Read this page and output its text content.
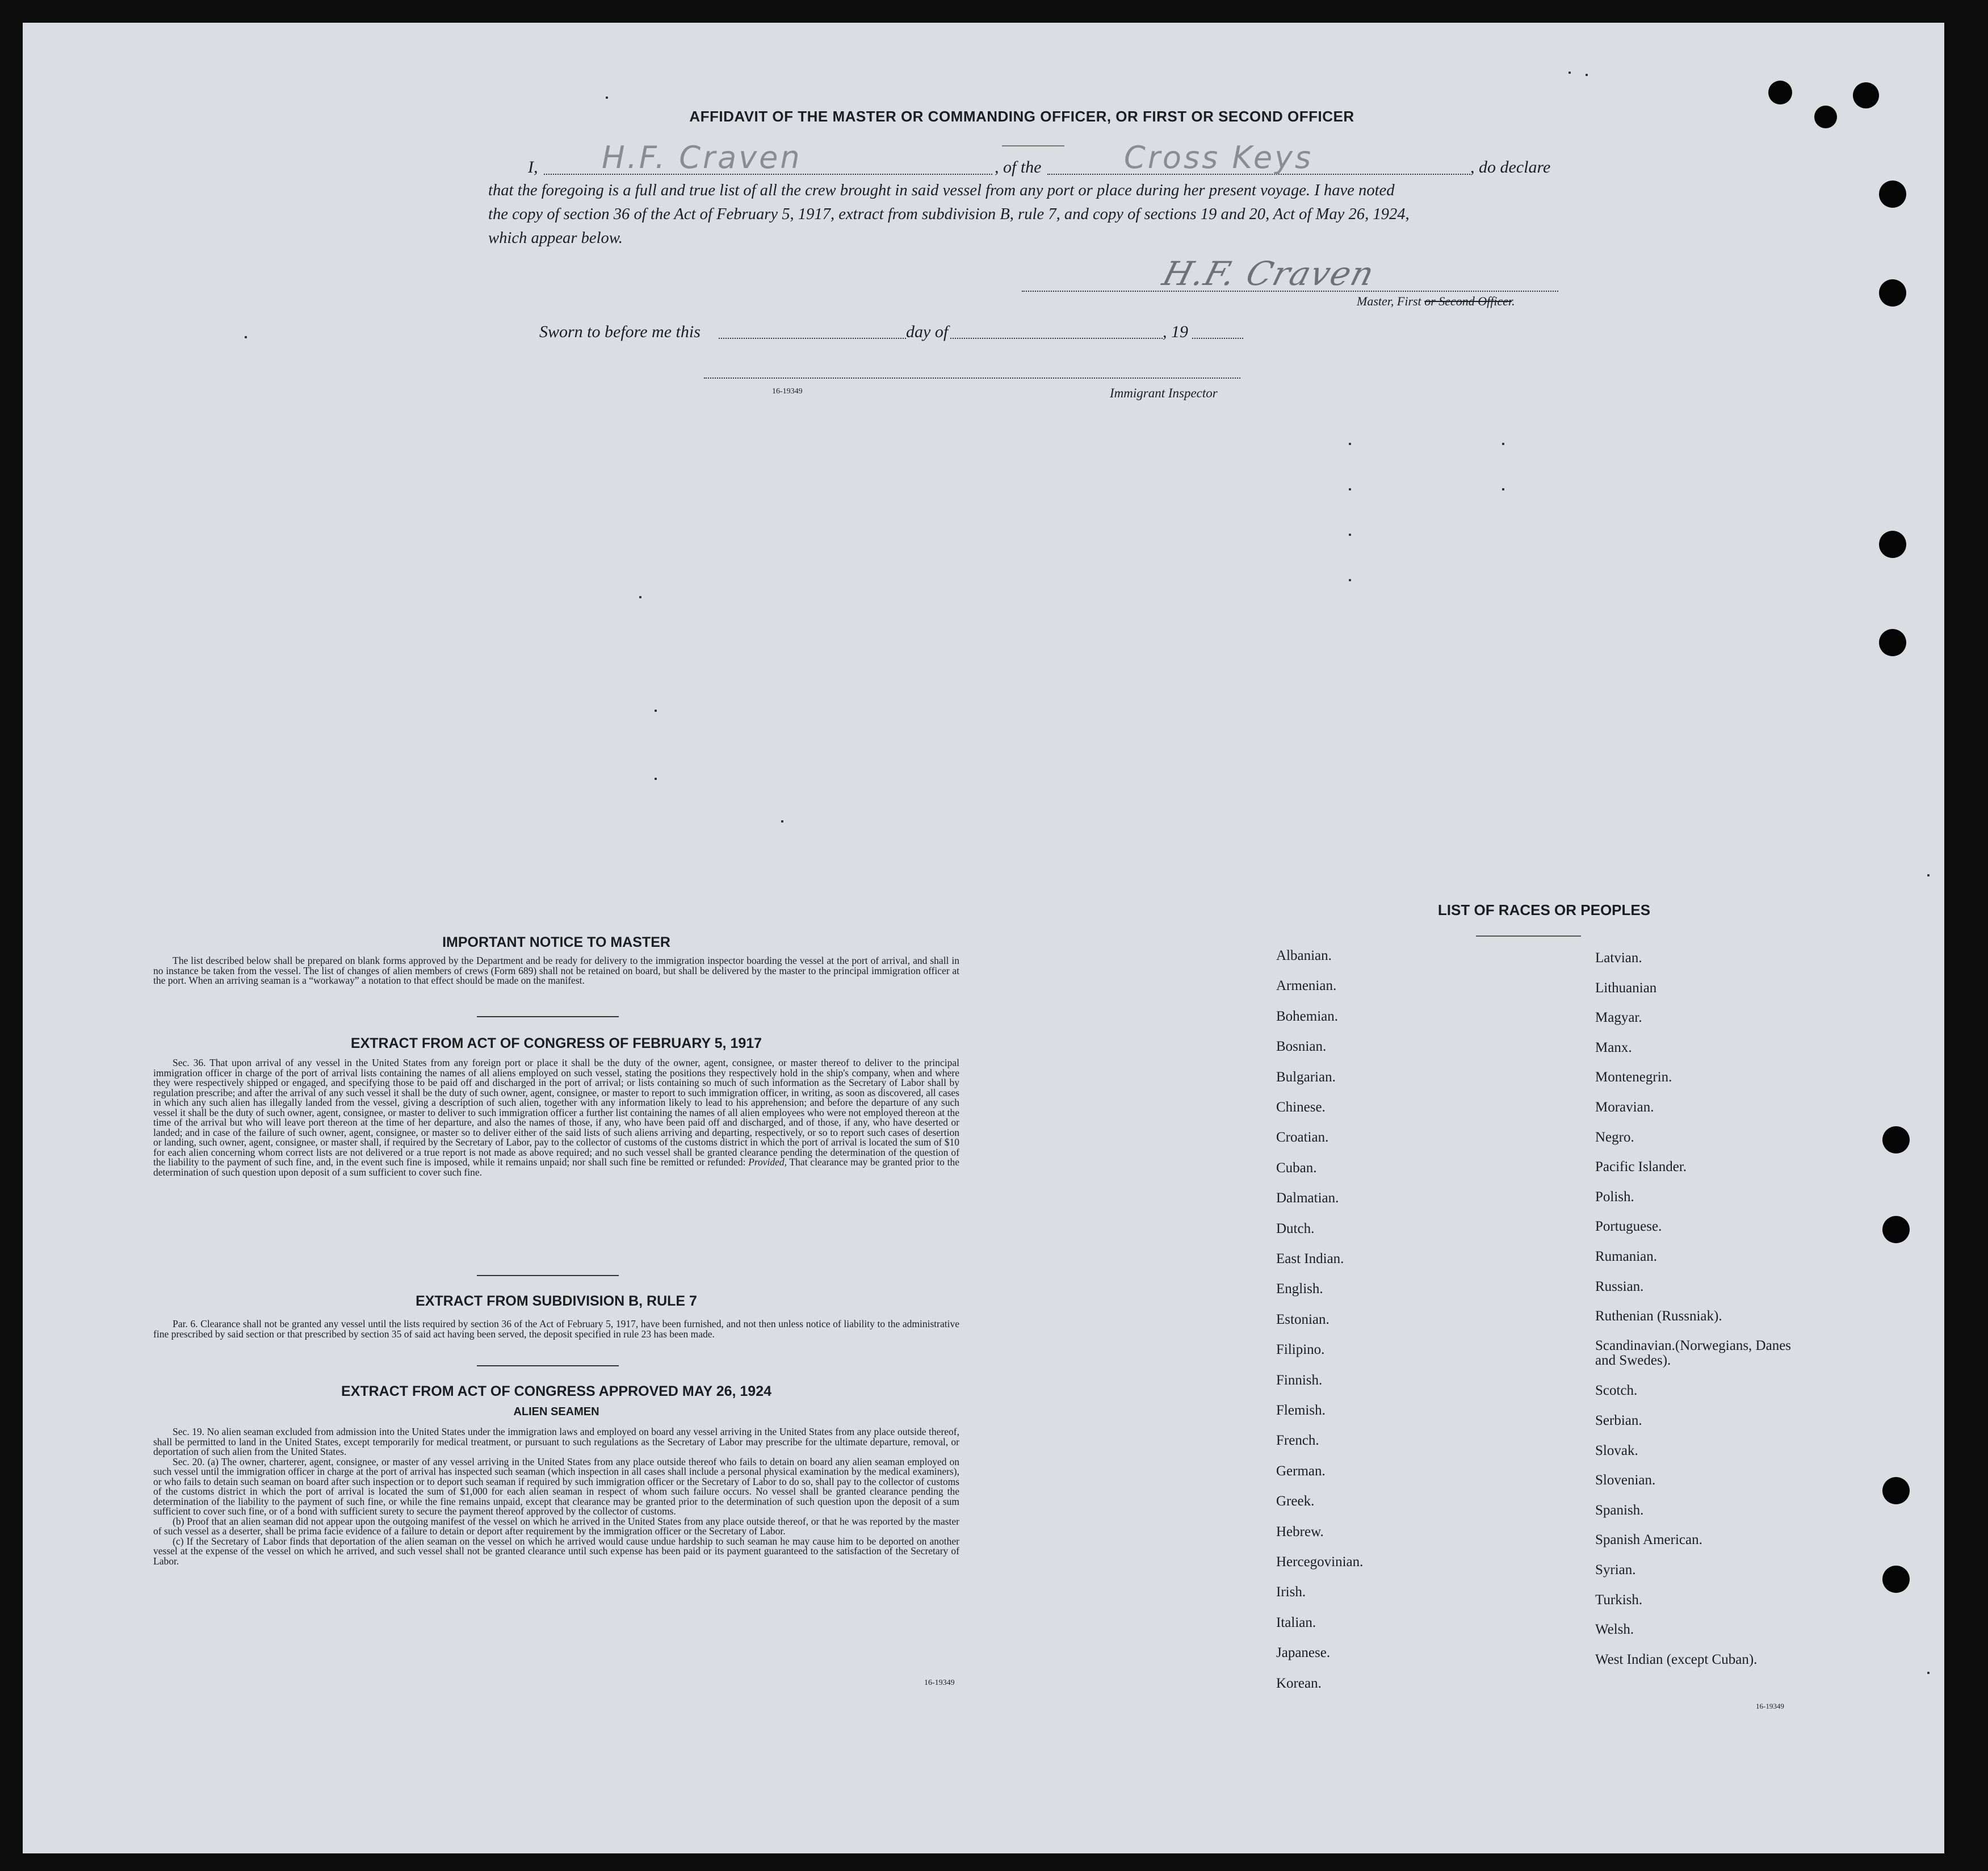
AFFIDAVIT OF THE MASTER OR COMMANDING OFFICER, OR FIRST OR SECOND OFFICER
I, H.F. Craven	, of the	Cross Keys	, do declare
that the foregoing is a full and true list of all the crew brought in said vessel from any port or place during her present voyage. I have noted
the copy of section 36 of the Act of February 5, 1917, extract from subdivision B, rule 7, and copy of sections 19 and 20, Act of May 26, 1924,
which appear below.
H.F. Craven
Master, First or Second Officer.
Sworn to before me this	day of	, 19
16-19349	Immigrant Inspector
IMPORTANT NOTICE TO MASTER

The list described below shall be prepared on blank forms approved by the Department and be ready for delivery to the immigration inspector boarding the vessel at the port of arrival, and shall in no instance be taken from the vessel. The list of changes of alien members of crews (Form 689) shall not be retained on board, but shall be delivered by the master to the principal immigration officer at the port. When an arriving seaman is a “workaway” a notation to that effect should be made on the manifest.

EXTRACT FROM ACT OF CONGRESS OF FEBRUARY 5, 1917

Sec. 36. That upon arrival of any vessel in the United States from any foreign port or place it shall be the duty of the owner, agent, consignee, or master thereof to deliver to the principal immigration officer in charge of the port of arrival lists containing the names of all aliens employed on such vessel, stating the positions they respectively hold in the ship's company, when and where they were respectively shipped or engaged, and specifying those to be paid off and discharged in the port of arrival; or lists containing so much of such information as the Secretary of Labor shall by regulation prescribe; and after the arrival of any such vessel it shall be the duty of such owner, agent, consignee, or master to report to such immigration officer, in writing, as soon as discovered, all cases in which any such alien has illegally landed from the vessel, giving a description of such alien, together with any information likely to lead to his apprehension; and before the departure of any such vessel it shall be the duty of such owner, agent, consignee, or master to deliver to such immigration officer a further list containing the names of all alien employees who were not employed thereon at the time of the arrival but who will leave port thereon at the time of her departure, and also the names of those, if any, who have been paid off and discharged, and of those, if any, who have deserted or landed; and in case of the failure of such owner, agent, consignee, or master so to deliver either of the said lists of such aliens arriving and departing, respectively, or so to report such cases of desertion or landing, such owner, agent, consignee, or master shall, if required by the Secretary of Labor, pay to the collector of customs of the customs district in which the port of arrival is located the sum of $10 for each alien concerning whom correct lists are not delivered or a true report is not made as above required; and no such vessel shall be granted clearance pending the determination of the question of the liability to the payment of such fine, and, in the event such fine is imposed, while it remains unpaid; nor shall such fine be remitted or refunded: Provided, That clearance may be granted prior to the determination of such question upon deposit of a sum sufficient to cover such fine.

EXTRACT FROM SUBDIVISION B, RULE 7

Par. 6. Clearance shall not be granted any vessel until the lists required by section 36 of the Act of February 5, 1917, have been furnished, and not then unless notice of liability to the administrative fine prescribed by said section or that prescribed by section 35 of said act having been served, the deposit specified in rule 23 has been made.

EXTRACT FROM ACT OF CONGRESS APPROVED MAY 26, 1924
ALIEN SEAMEN

Sec. 19. No alien seaman excluded from admission into the United States under the immigration laws and employed on board any vessel arriving in the United States from any place outside thereof, shall be permitted to land in the United States, except temporarily for medical treatment, or pursuant to such regulations as the Secretary of Labor may prescribe for the ultimate departure, removal, or deportation of such alien from the United States.

Sec. 20. (a) The owner, charterer, agent, consignee, or master of any vessel arriving in the United States from any place outside thereof who fails to detain on board any alien seaman employed on such vessel until the immigration officer in charge at the port of arrival has inspected such seaman (which inspection in all cases shall include a personal physical examination by the medical examiners), or who fails to detain such seaman on board after such inspection or to deport such seaman if required by such immigration officer or the Secretary of Labor to do so, shall pay to the collector of customs of the customs district in which the port of arrival is located the sum of $1,000 for each alien seaman in respect of whom such failure occurs. No vessel shall be granted clearance pending the determination of the liability to the payment of such fine, or while the fine remains unpaid, except that clearance may be granted prior to the determination of such question upon the deposit of a sum sufficient to cover such fine, or of a bond with sufficient surety to secure the payment thereof approved by the collector of customs.

(b) Proof that an alien seaman did not appear upon the outgoing manifest of the vessel on which he arrived in the United States from any place outside thereof, or that he was reported by the master of such vessel as a deserter, shall be prima facie evidence of a failure to detain or deport after requirement by the immigration officer or the Secretary of Labor.

(c) If the Secretary of Labor finds that deportation of the alien seaman on the vessel on which he arrived would cause undue hardship to such seaman he may cause him to be deported on another vessel at the expense of the vessel on which he arrived, and such vessel shall not be granted clearance until such expense has been paid or its payment guaranteed to the satisfaction of the Secretary of Labor.

16-19349
LIST OF RACES OR PEOPLES
Albanian.
Armenian.
Bohemian.
Bosnian.
Bulgarian.
Chinese.
Croatian.
Cuban.
Dalmatian.
Dutch.
East Indian.
English.
Estonian.
Filipino.
Finnish.
Flemish.
French.
German.
Greek.
Hebrew.
Hercegovinian.
Irish.
Italian.
Japanese.
Korean.
Latvian.
Lithuanian
Magyar.
Manx.
Montenegrin.
Moravian.
Negro.
Pacific Islander.
Polish.
Portuguese.
Rumanian.
Russian.
Ruthenian (Russniak).
Scandinavian.(Norwegians, Danes and Swedes).
Scotch.
Serbian.
Slovak.
Slovenian.
Spanish.
Spanish American.
Syrian.
Turkish.
Welsh.
West Indian (except Cuban).
16-19349
